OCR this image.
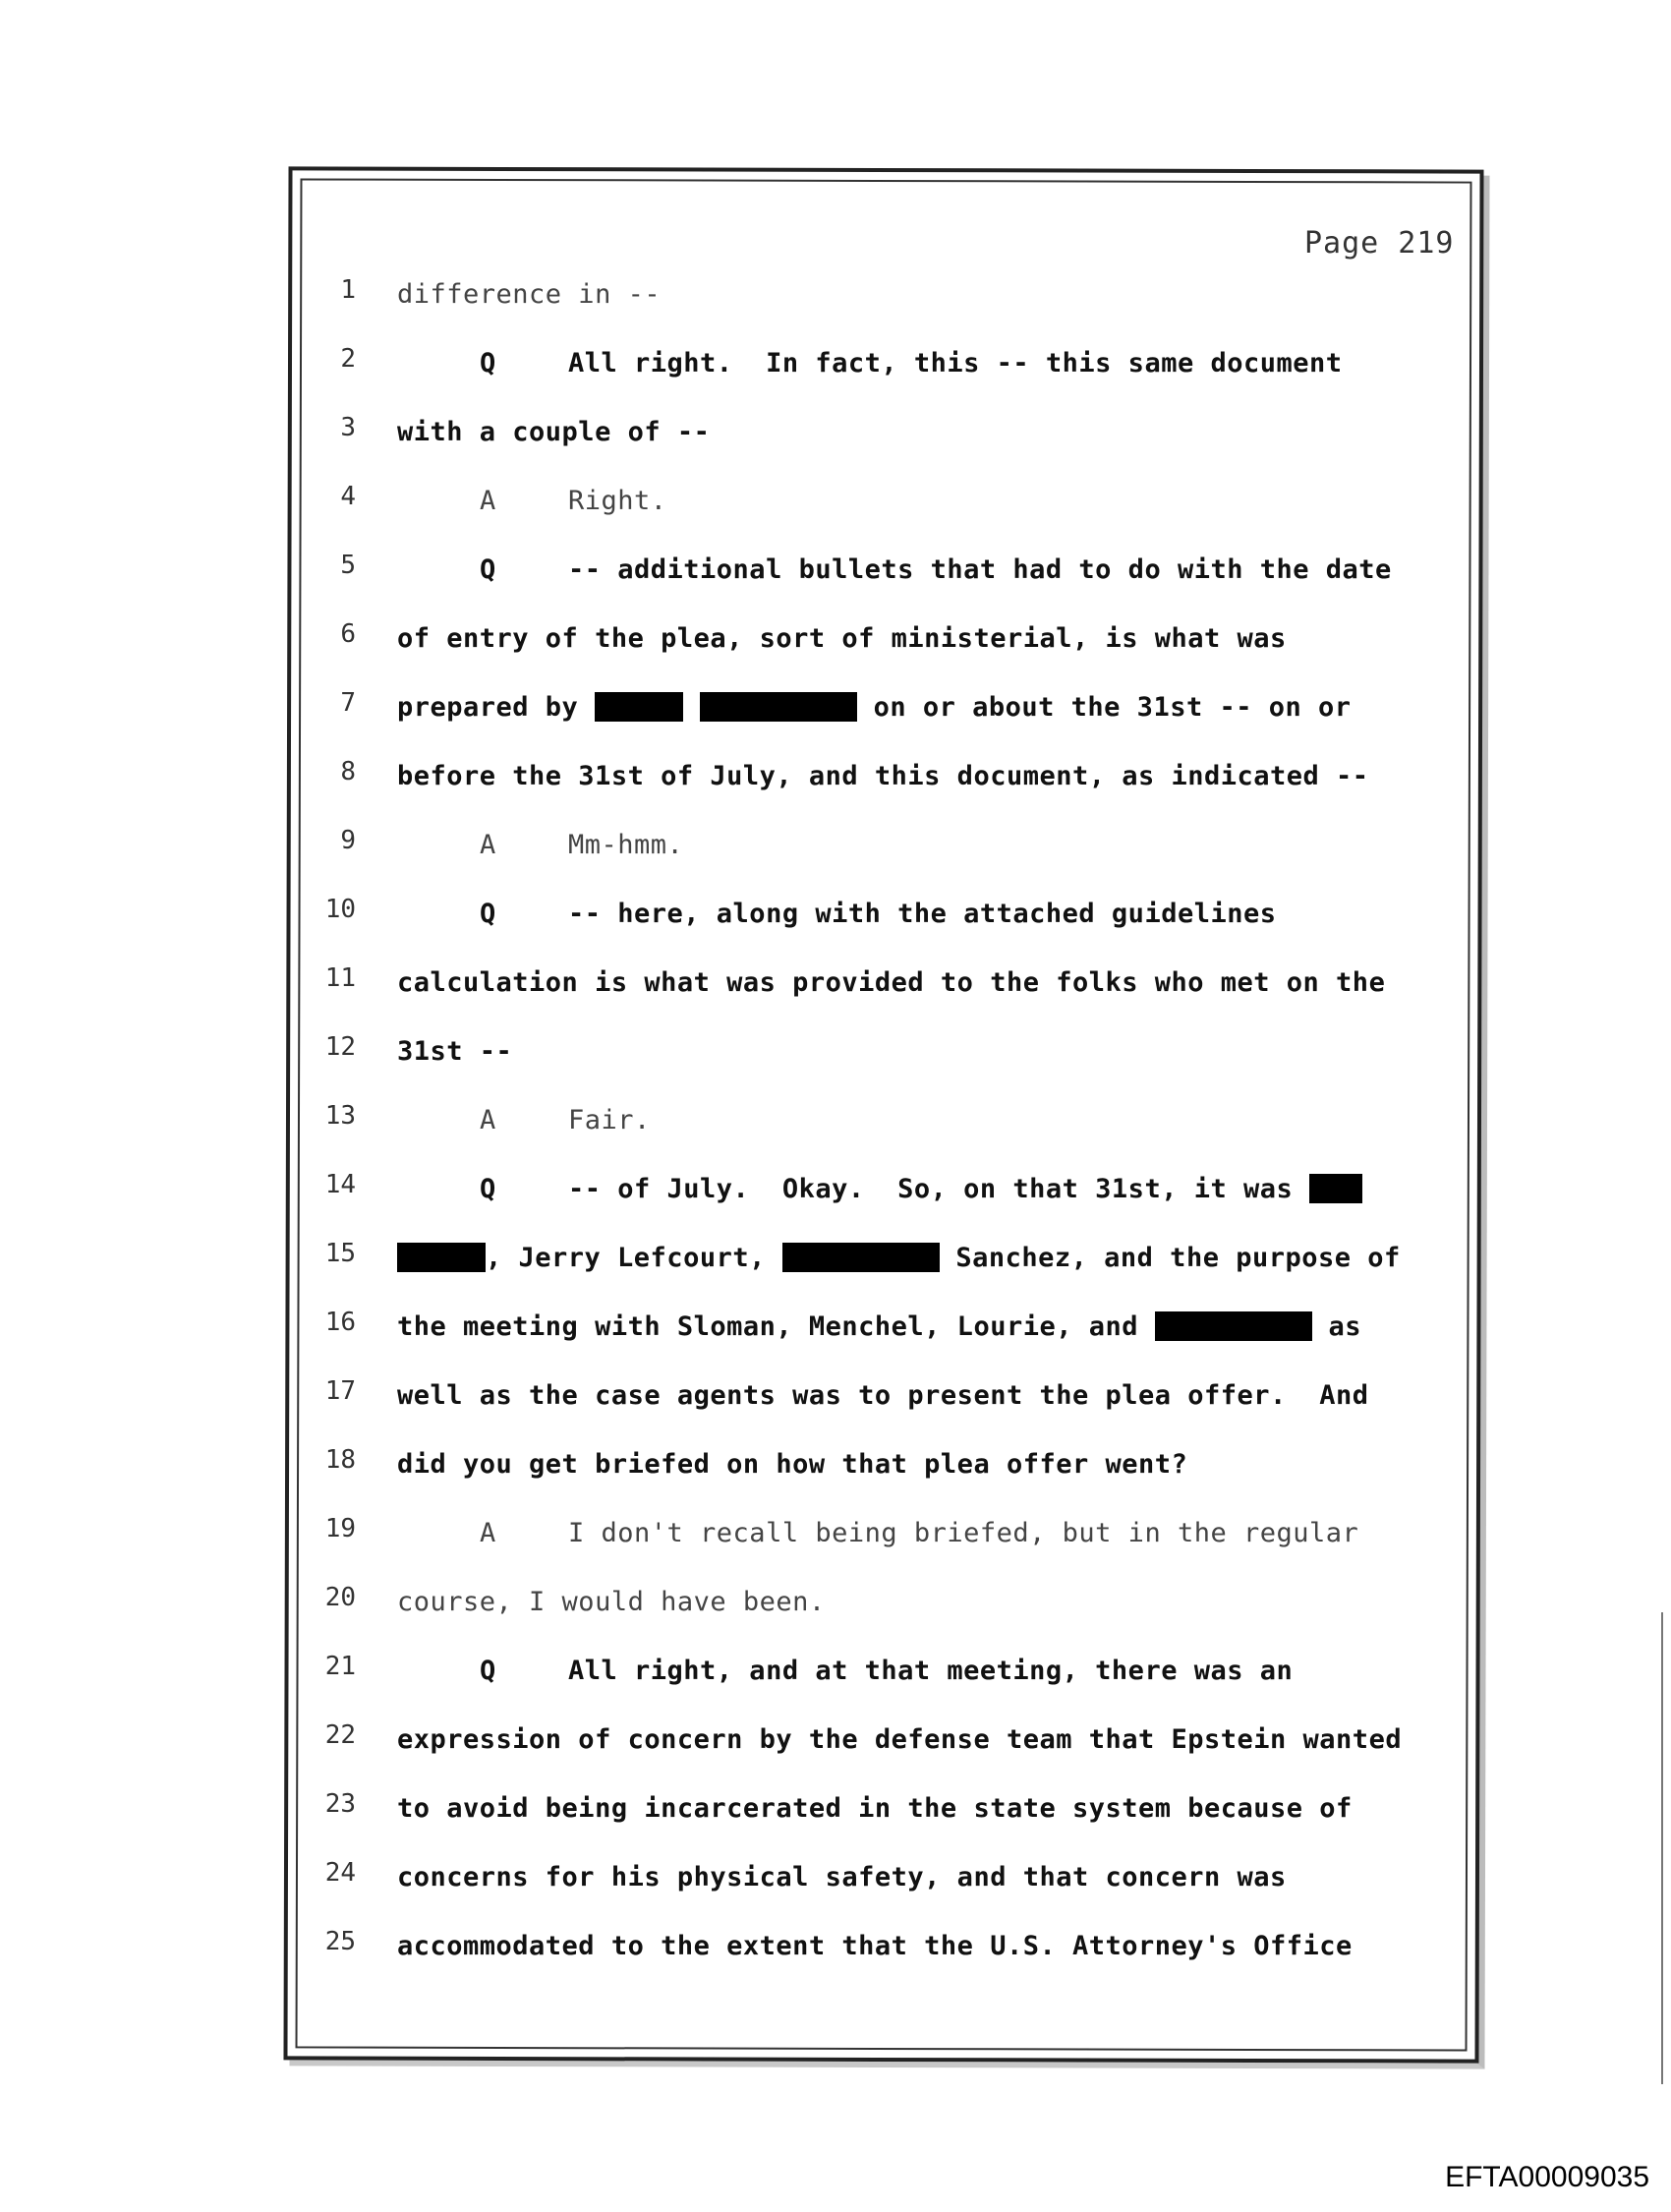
Page 219
1 difference in --
2	Q	All right.  In fact, this -- this same document
3 with a couple of --
4	A	Right.
5	Q	-- additional bullets that had to do with the date
6 of entry of the plea, sort of ministerial, is what was
7 prepared by	on or about the 31st -- on or
8 before the 31st of July, and this document, as indicated --
9	A	Mm-hmm.
10	Q	-- here, along with the attached guidelines
11 calculation is what was provided to the folks who met on the
12 31st --
13	A	Fair.
14	Q	-- of July.  Okay.  So, on that 31st, it was
15	, Jerry Lefcourt,	Sanchez, and the purpose of
16 the meeting with Sloman, Menchel, Lourie, and	as
17 well as the case agents was to present the plea offer.  And
18 did you get briefed on how that plea offer went?
19	A	I don't recall being briefed, but in the regular
20 course, I would have been.
21	Q	All right, and at that meeting, there was an
22 expression of concern by the defense team that Epstein wanted
23 to avoid being incarcerated in the state system because of
24 concerns for his physical safety, and that concern was
25 accommodated to the extent that the U.S. Attorney's Office
EFTA00009035
